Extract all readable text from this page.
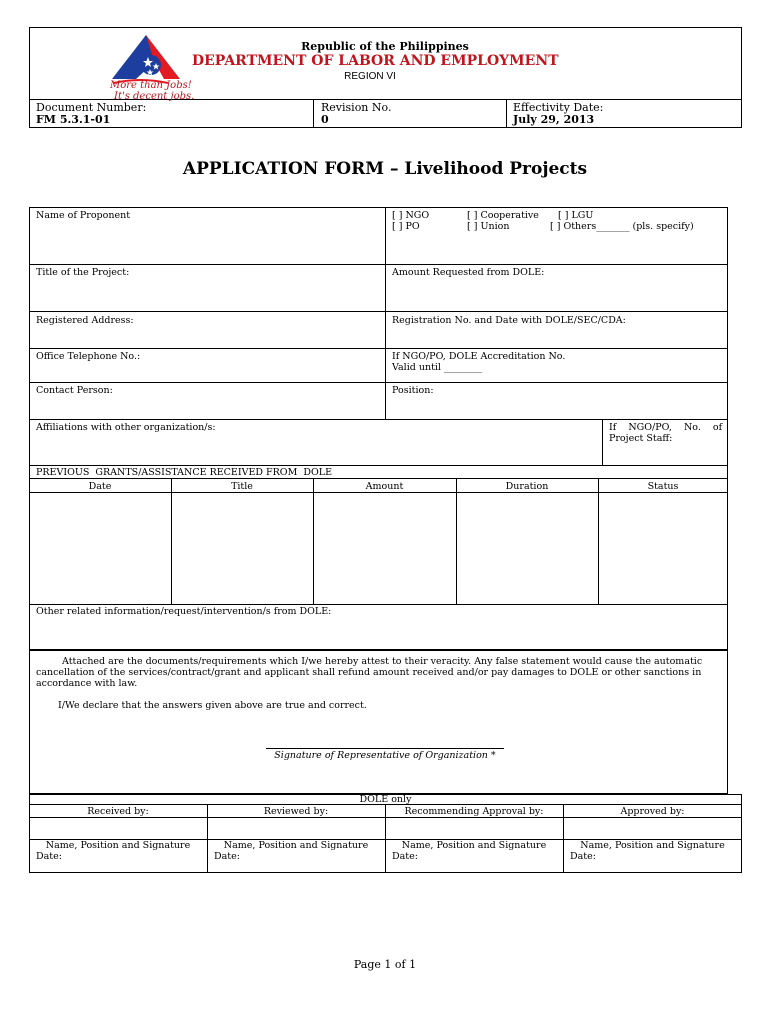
More than Jobs!
It's decent jobs.
Republic of the Philippines
DEPARTMENT OF LABOR AND EMPLOYMENT
REGION VI
Document Number:
FM 5.3.1-01
Revision No.
0
Effectivity Date:
July 29, 2013
APPLICATION FORM – Livelihood Projects
Name of Proponent	[ ] NGO	[ ] Cooperative [ ] LGU
[ ] PO	[ ] Union	[ ] Others_______ (pls. specify)
Title of the Project:	Amount Requested from DOLE:
Registered Address:	Registration No. and Date with DOLE/SEC/CDA:
Office Telephone No.:	If NGO/PO, DOLE Accreditation No.
Valid until ________
Contact Person:	Position:
Affiliations with other organization/s:	If    NGO/PO,    No.    of
Project Staff:
PREVIOUS  GRANTS/ASSISTANCE RECEIVED FROM  DOLE
Date	Title	Amount	Duration	Status
Other related information/request/intervention/s from DOLE:
Attached are the documents/requirements which I/we hereby attest to their veracity. Any false statement would cause the automatic
cancellation of the services/contract/grant and applicant shall refund amount received and/or pay damages to DOLE or other sanctions in
accordance with law.
I/We declare that the answers given above are true and correct.
Signature of Representative of Organization *
DOLE only
Received by:	Reviewed by:	Recommending Approval by:	Approved by:
Name, Position and Signature	Name, Position and Signature	Name, Position and Signature	Name, Position and Signature
Date:	Date:	Date:	Date:
Page 1 of 1
